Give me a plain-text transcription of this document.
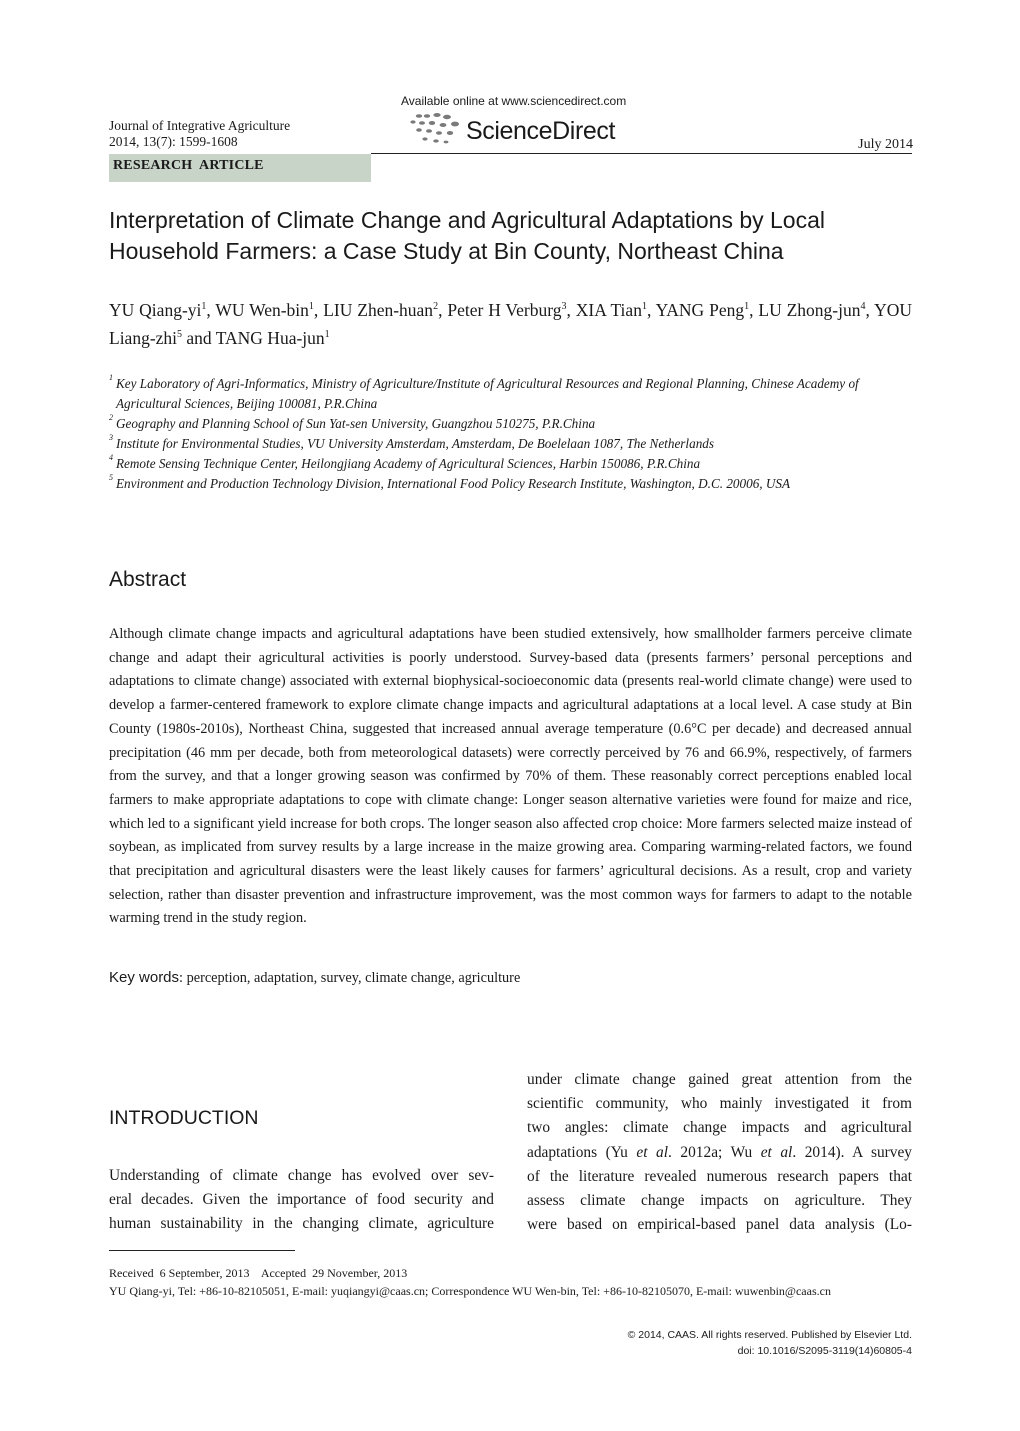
Journal of Integrative Agriculture
2014, 13(7): 1599-1608
Available online at www.sciencedirect.com
ScienceDirect	July 2014
RESEARCH  ARTICLE
Interpretation of Climate Change and Agricultural Adaptations by Local
Household Farmers: a Case Study at Bin County, Northeast China
YU Qiang-$yi^1$, WU Wen-bin$^1$, LIU Zhen-huan$^2$, Peter H Verburg$^3$, XIA Tian$^1$, YANG Peng$^1$, LU Zhong-jun$^4$, YOU Liang-zhi$^5$ and TANG Hua-jun$^1$
1 Key Laboratory of Agri-Informatics, Ministry of Agriculture/Institute of Agricultural Resources and Regional Planning, Chinese Academy of Agricultural Sciences, Beijing 100081, P.R.China
2 Geography and Planning School of Sun Yat-sen University, Guangzhou 510275, P.R.China
3 Institute for Environmental Studies, VU University Amsterdam, Amsterdam, De Boelelaan 1087, The Netherlands
4 Remote Sensing Technique Center, Heilongjiang Academy of Agricultural Sciences, Harbin 150086, P.R.China
5 Environment and Production Technology Division, International Food Policy Research Institute, Washington, D.C. 20006, USA
Abstract
Although climate change impacts and agricultural adaptations have been studied extensively, how smallholder farmers perceive climate change and adapt their agricultural activities is poorly understood. Survey-based data (presents farmers’ personal perceptions and adaptations to climate change) associated with external biophysical-socioeconomic data (presents real-world climate change) were used to develop a farmer-centered framework to explore climate change impacts and agricultural adaptations at a local level. A case study at Bin County (1980s-2010s), Northeast China, suggested that increased annual average temperature (0.6°C per decade) and decreased annual precipitation (46 mm per decade, both from meteorological datasets) were correctly perceived by 76 and 66.9%, respectively, of farmers from the survey, and that a longer growing season was confirmed by 70% of them. These reasonably correct perceptions enabled local farmers to make appropriate adaptations to cope with climate change: Longer season alternative varieties were found for maize and rice, which led to a significant yield increase for both crops. The longer season also affected crop choice: More farmers selected maize instead of soybean, as implicated from survey results by a large increase in the maize growing area. Comparing warming-related factors, we found that precipitation and agricultural disasters were the least likely causes for farmers’ agricultural decisions. As a result, crop and variety selection, rather than disaster prevention and infrastructure improvement, was the most common ways for farmers to adapt to the notable warming trend in the study region.
Key words: perception, adaptation, survey, climate change, agriculture
INTRODUCTION
Understanding of climate change has evolved over sev-
eral decades. Given the importance of food security and
human sustainability in the changing climate, agriculture
under climate change gained great attention from the
scientific community, who mainly investigated it from
two angles: climate change impacts and agricultural
adaptations (Yu et al. 2012a; Wu et al. 2014). A survey
of the literature revealed numerous research papers that
assess climate change impacts on agriculture. They
were based on empirical-based panel data analysis (Lo-
Received  6 September, 2013    Accepted  29 November, 2013
YU Qiang-yi, Tel: +86-10-82105051, E-mail: yuqiangyi@caas.cn; Correspondence WU Wen-bin, Tel: +86-10-82105070, E-mail: wuwenbin@caas.cn
© 2014, CAAS. All rights reserved. Published by Elsevier Ltd.
doi: 10.1016/S2095-3119(14)60805-4
